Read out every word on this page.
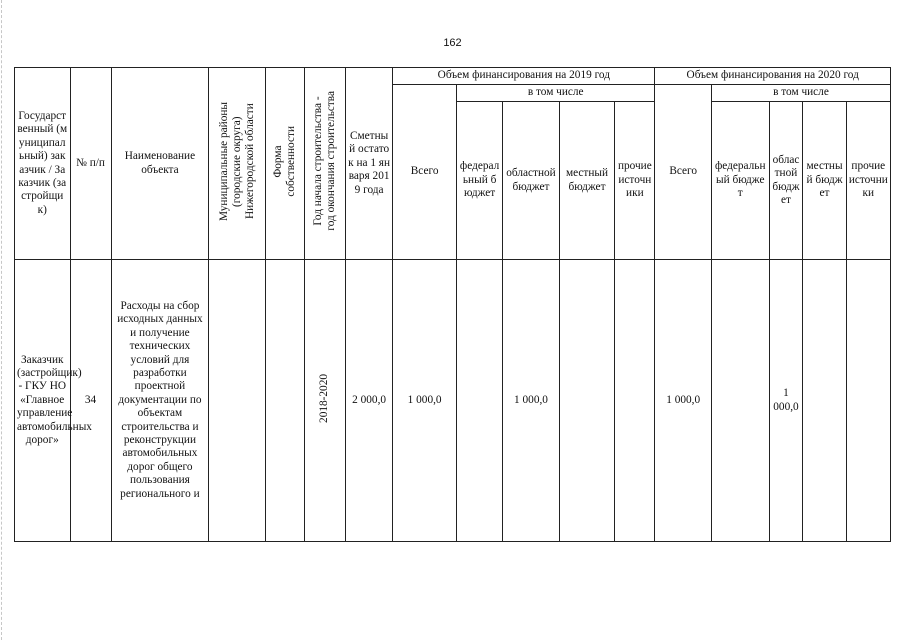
162
Государственный (муниципальный) заказчик / Заказчик (застройщик)	№ п/п	Наименование объекта	Муниципальные районы (городские округа) Нижегородской области	Форма собственности	Год начала строительства - год окончания строительства	Сметный остаток на 1 января 2019 года	Объем финансирования на 2019 год					Объем финансирования на 2020 год				
							Всего	в том числе				Всего	в том числе			
								федеральный бюджет	областной бюджет	местный бюджет	прочие источники		федеральный бюджет	областной бюджет	местный бюджет	прочие источники
Заказчик (застройщик) - ГКУ НО «Главное управление автомобильных дорог»	34	Расходы на сбор исходных данных и получение технических условий для разработки проектной документации по объектам строительства и реконструкции автомобильных дорог общего пользования регионального и			2018-2020	2 000,0	1 000,0		1 000,0			1 000,0		1 000,0		
